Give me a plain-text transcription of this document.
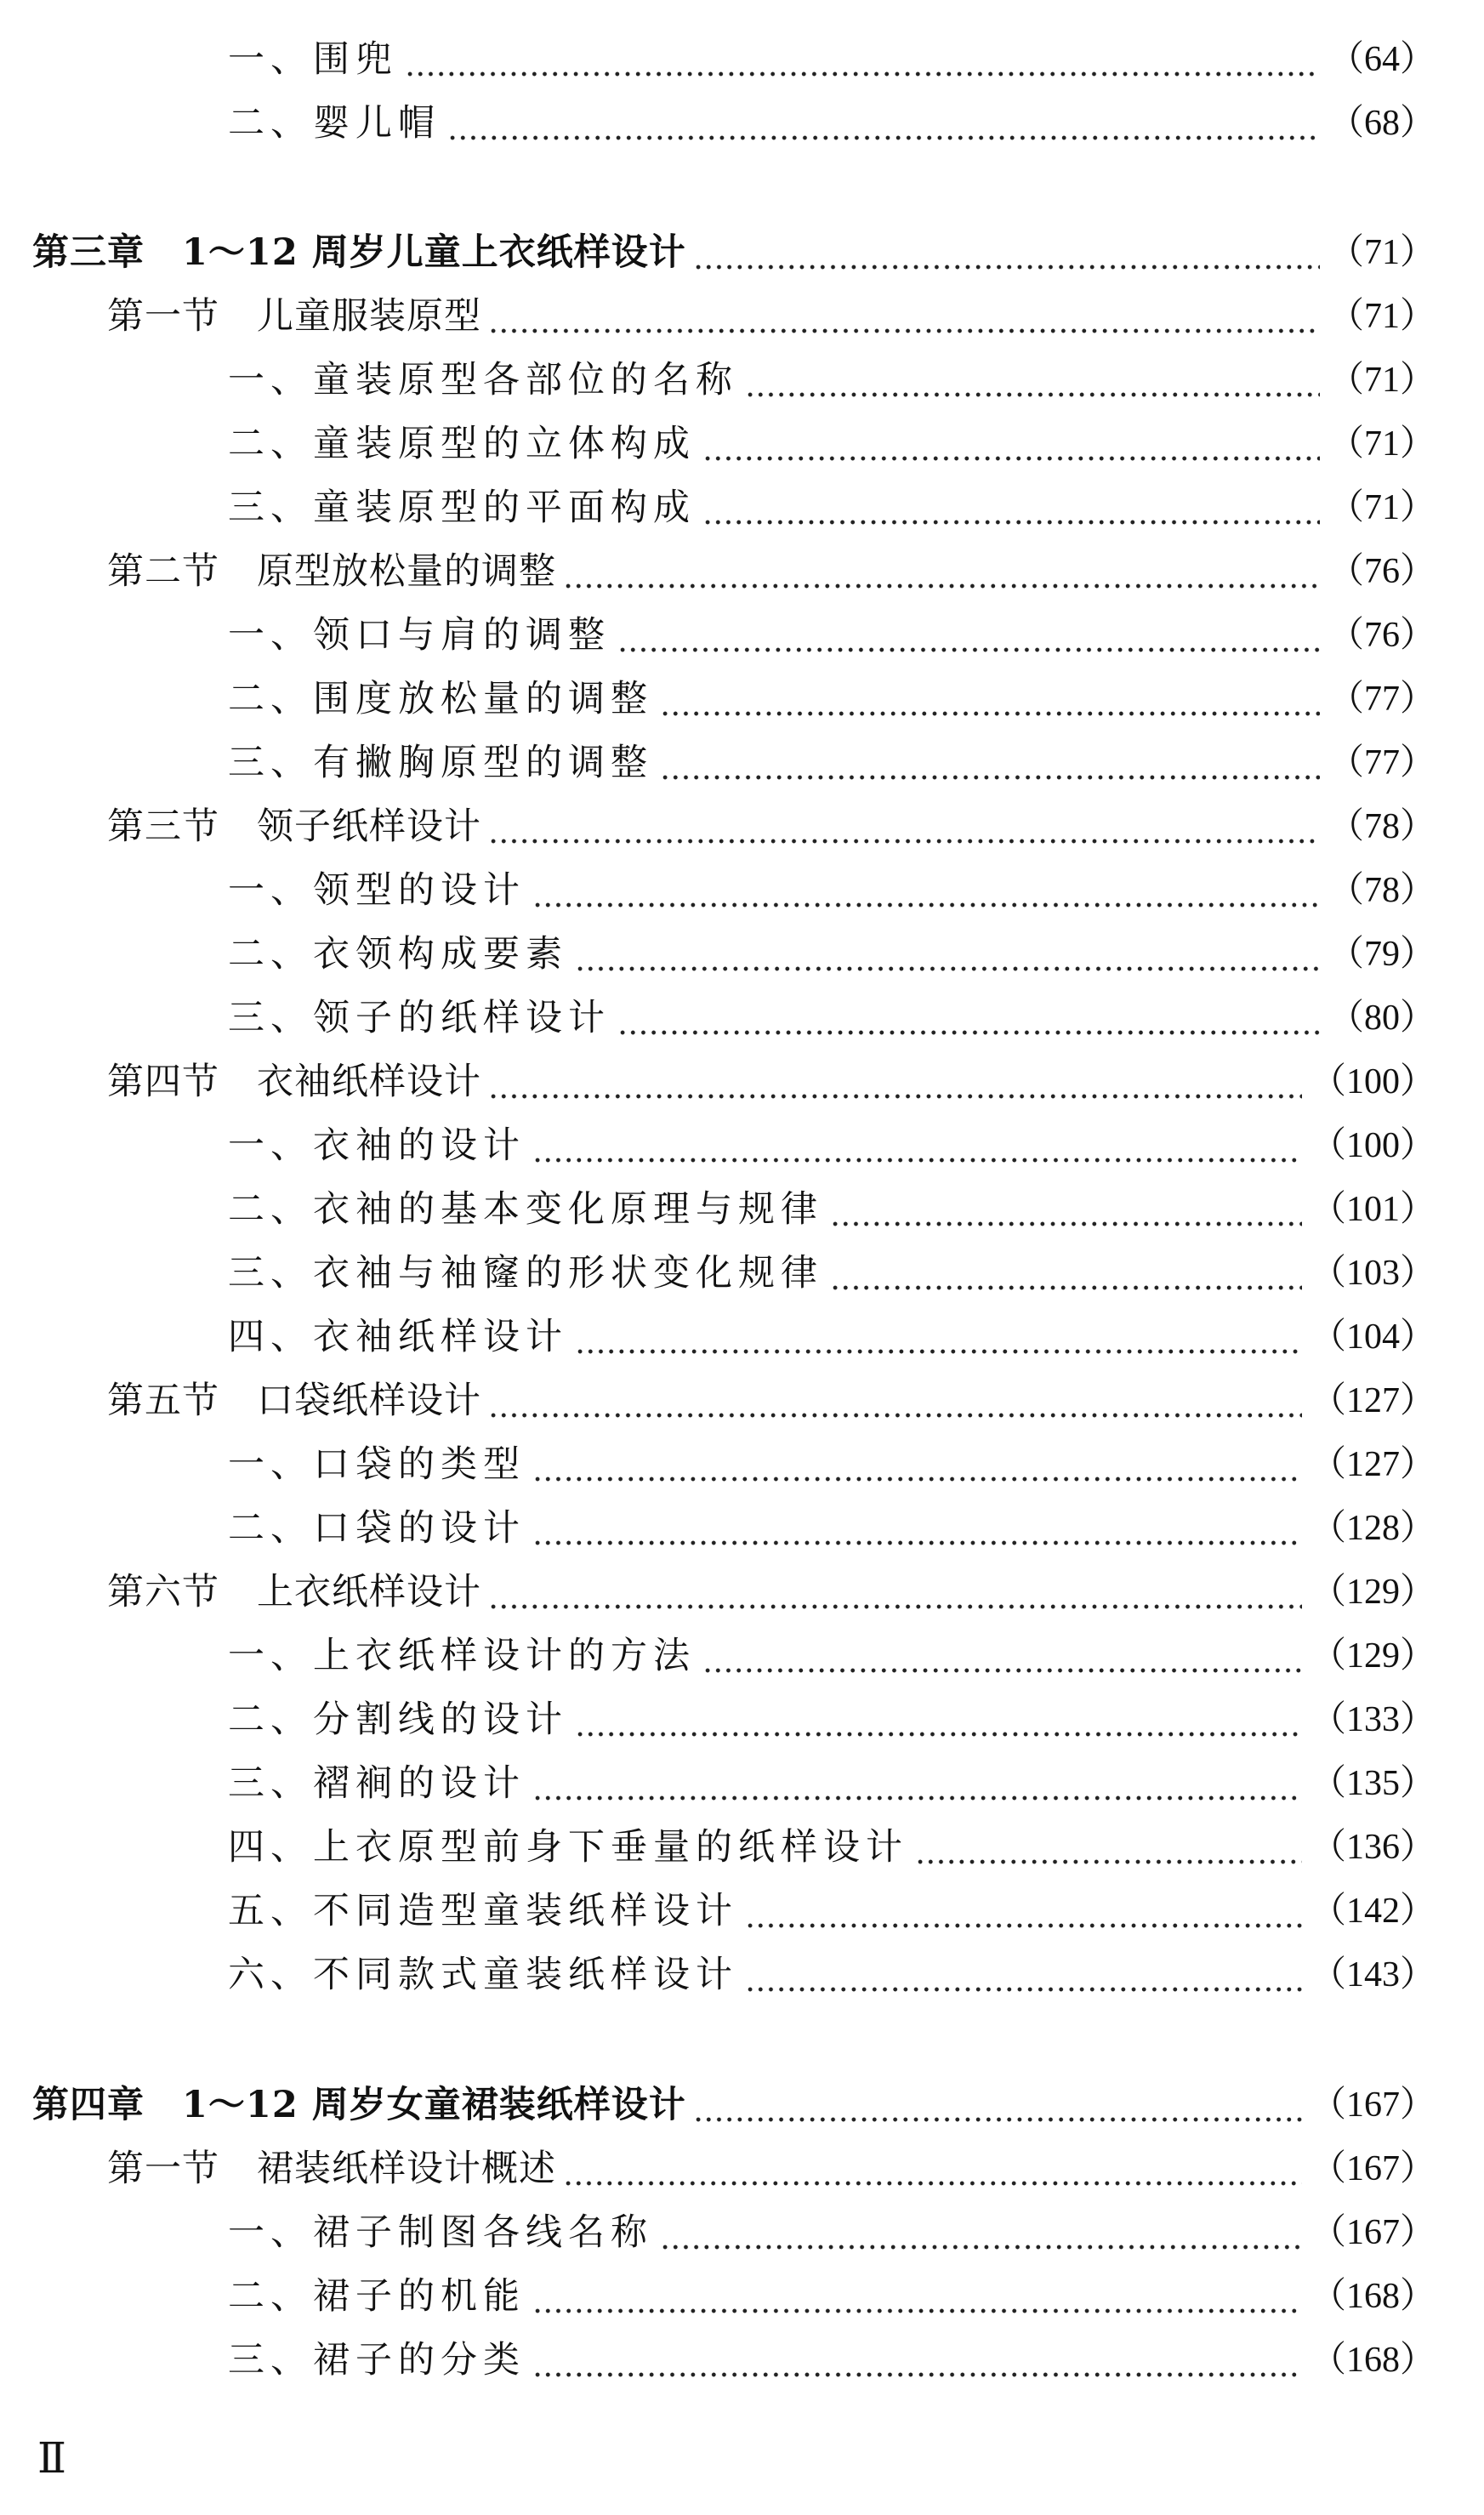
一、围兜	（64）
二、婴儿帽	（68）
第三章　1～12 周岁儿童上衣纸样设计	（71）
第一节　儿童服装原型	（71）
一、童装原型各部位的名称	（71）
二、童装原型的立体构成	（71）
三、童装原型的平面构成	（71）
第二节　原型放松量的调整	（76）
一、领口与肩的调整	（76）
二、围度放松量的调整	（77）
三、有撇胸原型的调整	（77）
第三节　领子纸样设计	（78）
一、领型的设计	（78）
二、衣领构成要素	（79）
三、领子的纸样设计	（80）
第四节　衣袖纸样设计	（100）
一、衣袖的设计	（100）
二、衣袖的基本变化原理与规律	（101）
三、衣袖与袖窿的形状变化规律	（103）
四、衣袖纸样设计	（104）
第五节　口袋纸样设计	（127）
一、口袋的类型	（127）
二、口袋的设计	（128）
第六节　上衣纸样设计	（129）
一、上衣纸样设计的方法	（129）
二、分割线的设计	（133）
三、褶裥的设计	（135）
四、上衣原型前身下垂量的纸样设计	（136）
五、不同造型童装纸样设计	（142）
六、不同款式童装纸样设计	（143）
第四章　1～12 周岁女童裙装纸样设计	（167）
第一节　裙装纸样设计概述	（167）
一、裙子制图各线名称	（167）
二、裙子的机能	（168）
三、裙子的分类	（168）
Ⅱ
